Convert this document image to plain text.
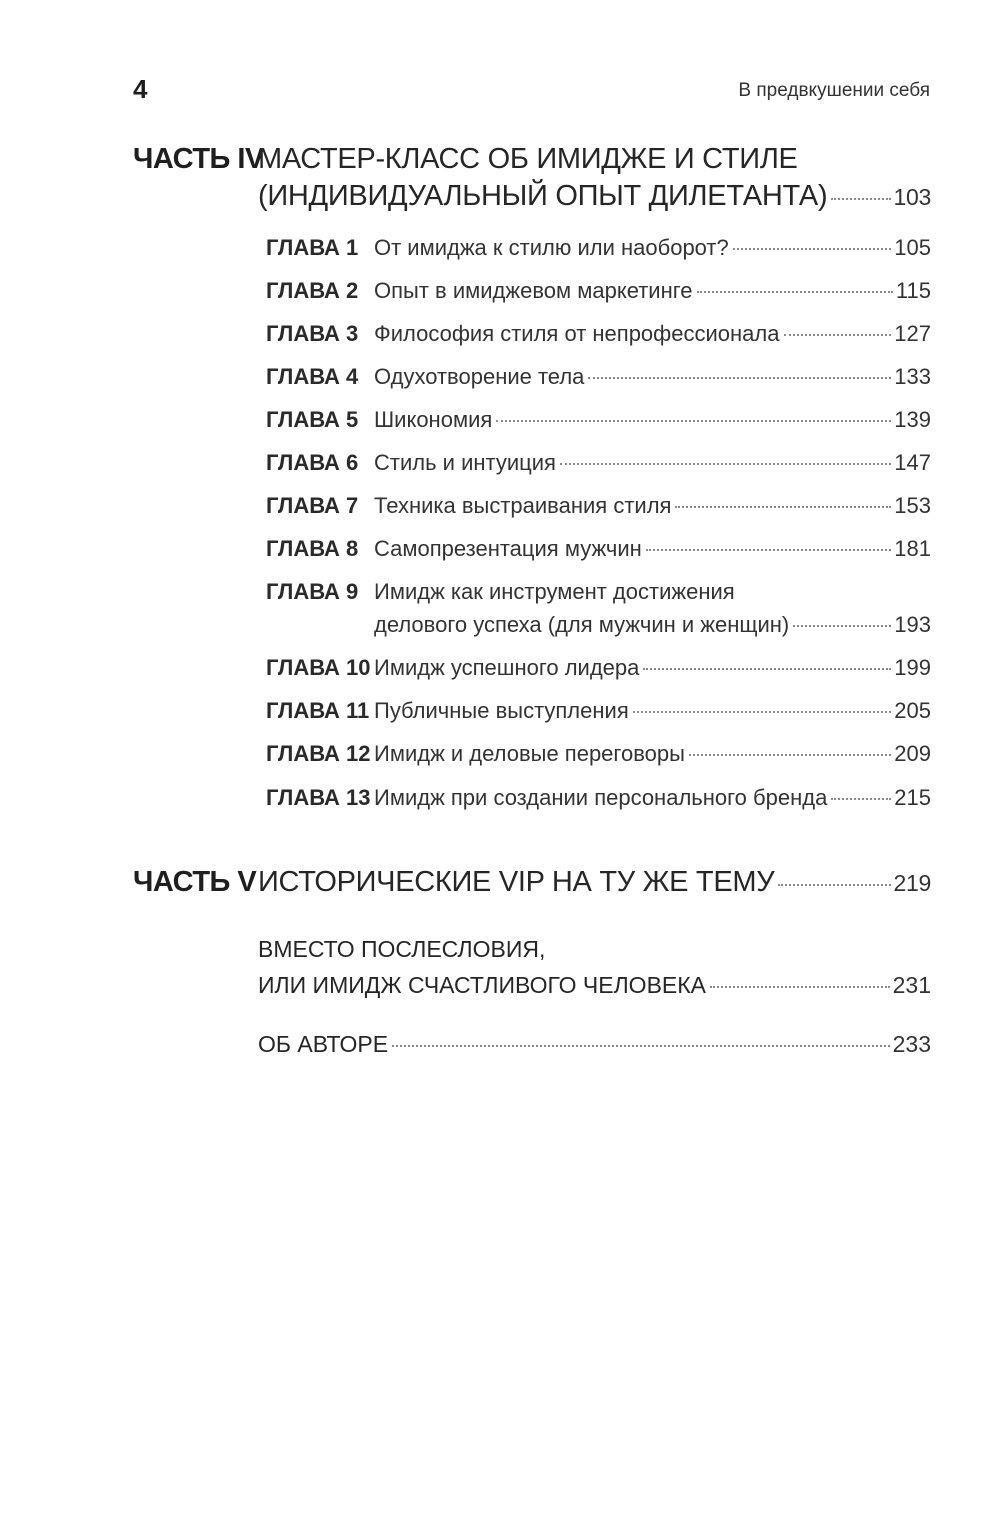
4	В предвкушении себя
ЧАСТЬ IV
МАСТЕР-КЛАСС ОБ ИМИДЖЕ И СТИЛЕ
(ИНДИВИДУАЛЬНЫЙ ОПЫТ ДИЛЕТАНТА)	103
ГЛАВА 1 От имиджа к стилю или наоборот?	105
ГЛАВА 2 Опыт в имиджевом маркетинге	115
ГЛАВА 3 Философия стиля от непрофессионала	127
ГЛАВА 4 Одухотворение тела	133
ГЛАВА 5 Шикономия	139
ГЛАВА 6 Стиль и интуиция	147
ГЛАВА 7 Техника выстраивания стиля	153
ГЛАВА 8 Самопрезентация мужчин	181
ГЛАВА 9 Имидж как инструмент достижения
делового успеха (для мужчин и женщин)	193
ГЛАВА 10 Имидж успешного лидера	199
ГЛАВА 11 Публичные выступления	205
ГЛАВА 12 Имидж и деловые переговоры	209
ГЛАВА 13 Имидж при создании персонального бренда	215
ЧАСТЬ V ИСТОРИЧЕСКИЕ VIP НА ТУ ЖЕ ТЕМУ	219
ВМЕСТО ПОСЛЕСЛОВИЯ,
ИЛИ ИМИДЖ СЧАСТЛИВОГО ЧЕЛОВЕКА	231
ОБ АВТОРЕ	233
